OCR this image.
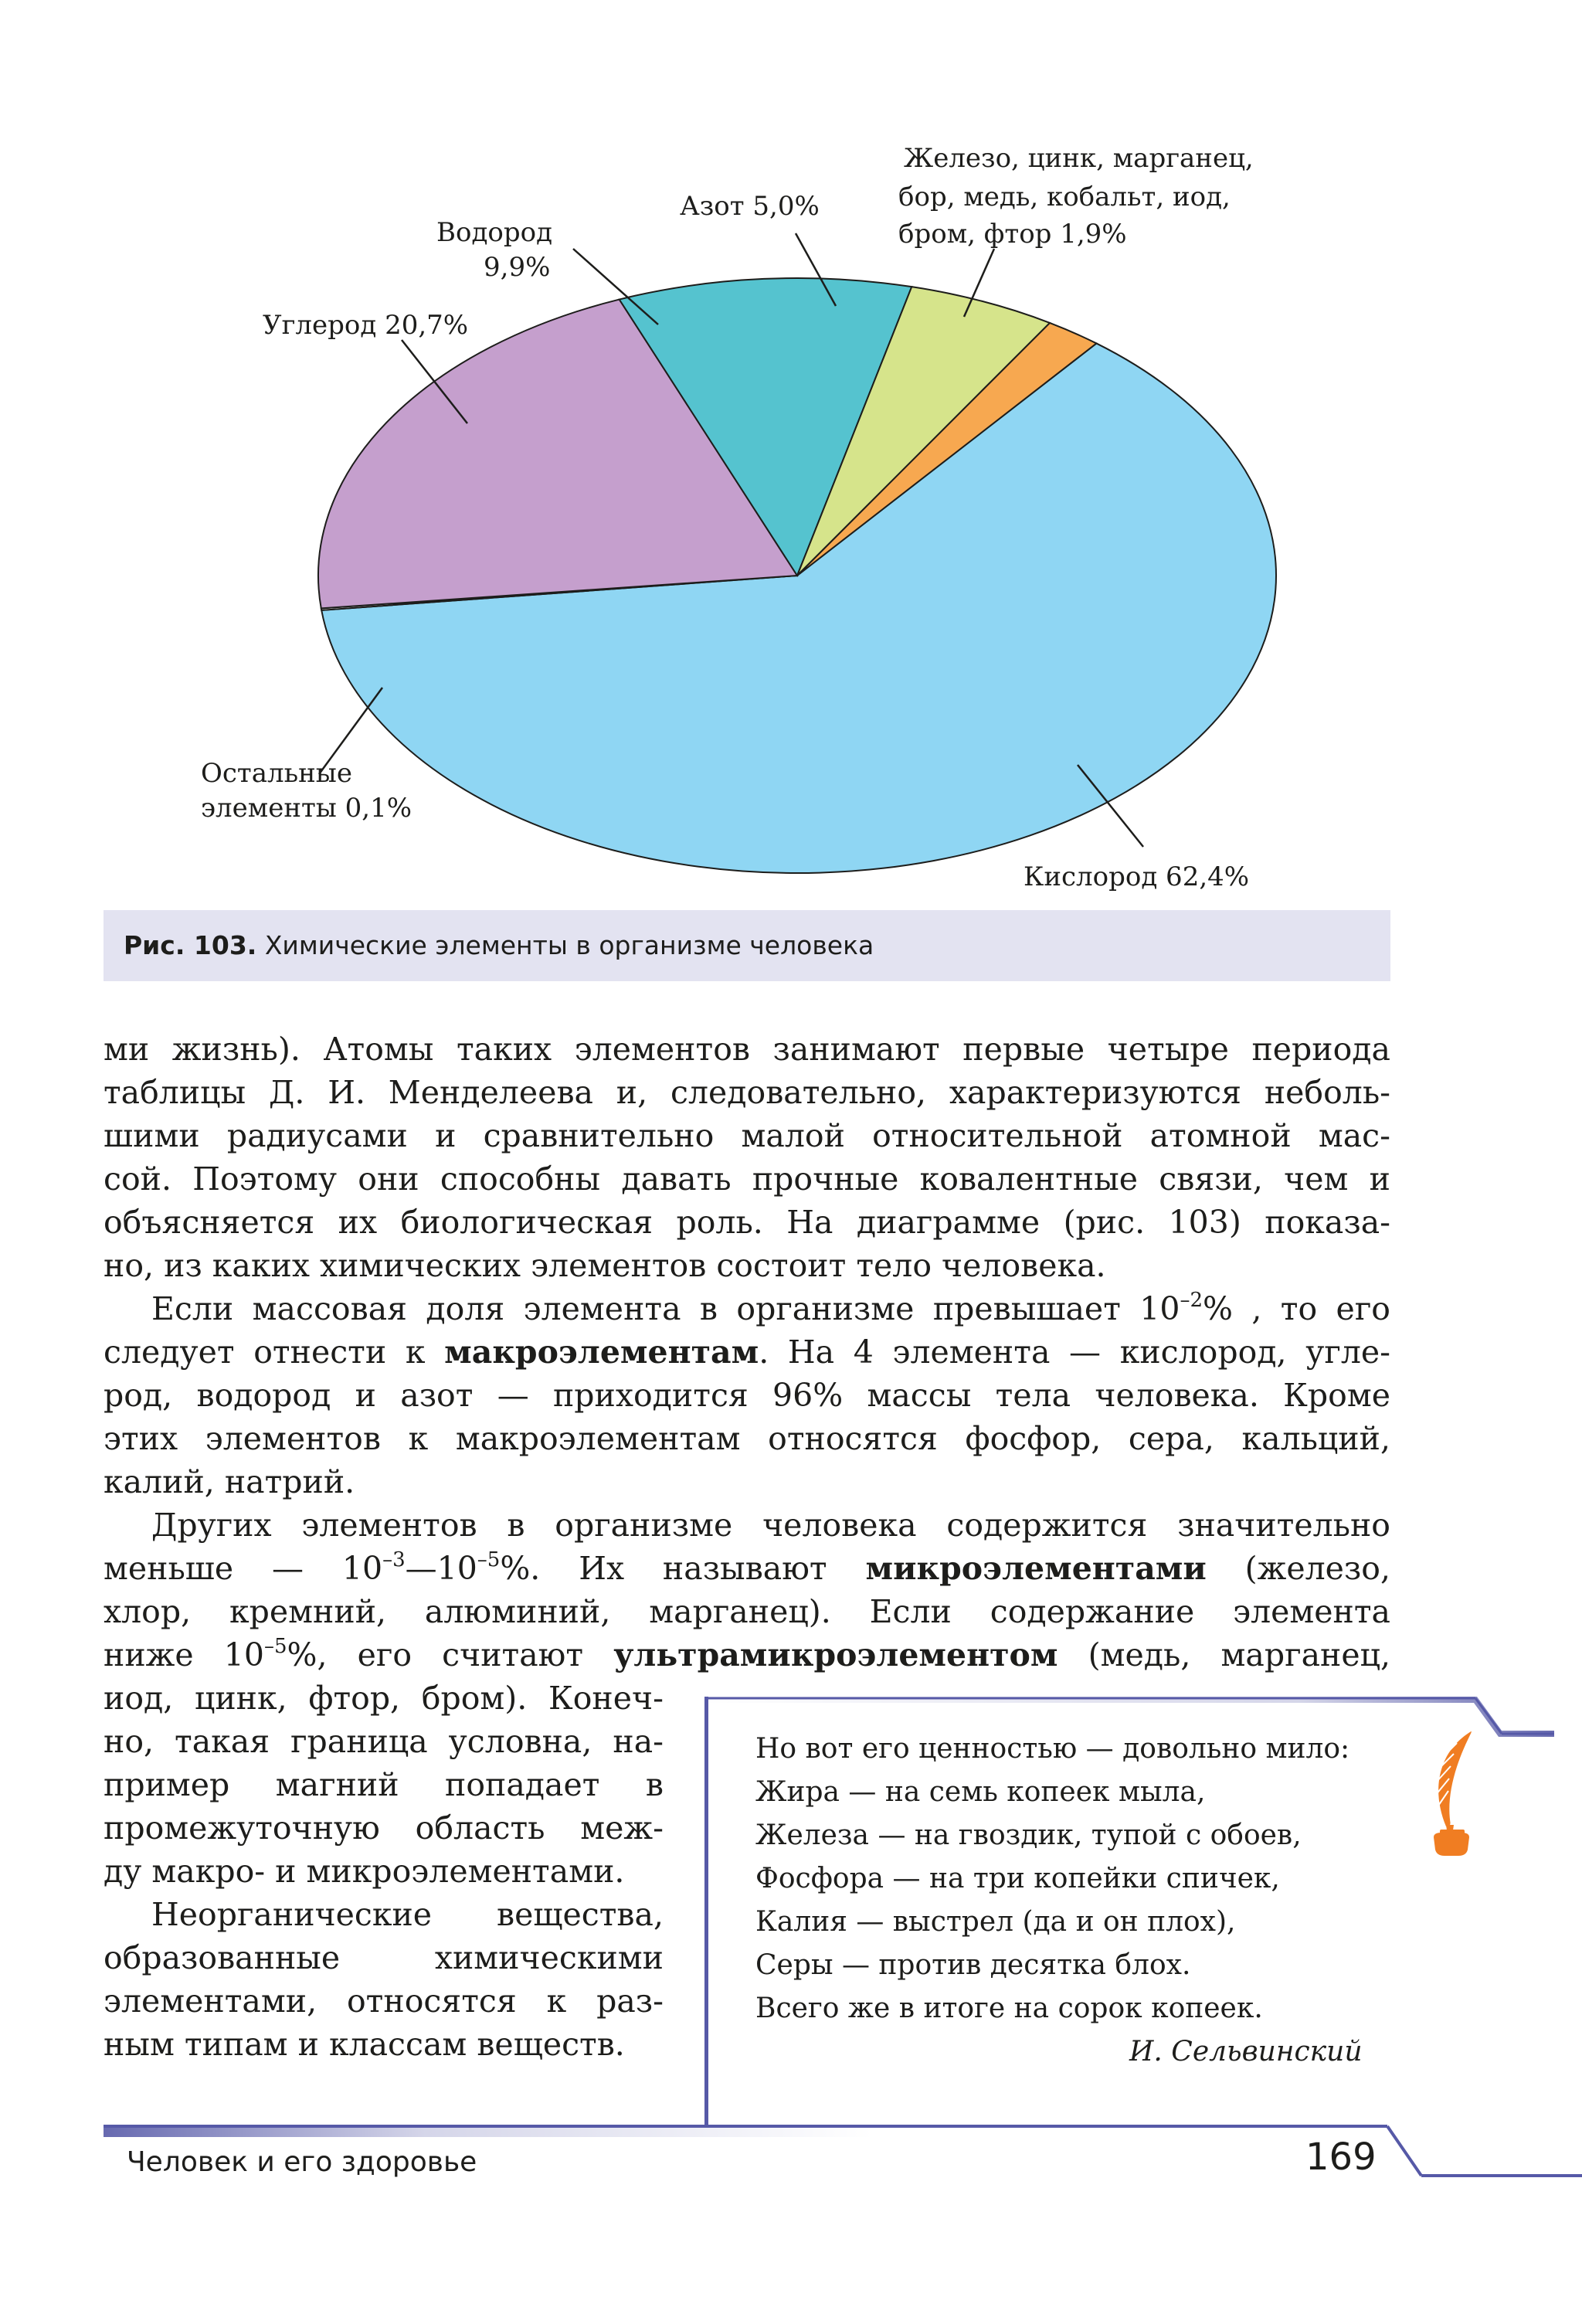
Кислород 62,4%
Углерод 20,7%
Водород
9,9%
Азот 5,0%
Железо, цинк, марганец,
бор, медь, кобальт, иод,
бром, фтор 1,9%
Остальные
элементы 0,1%
Рис. 103. Химические элементы в организме человека
ми жизнь). Атомы таких элементов занимают первые четыре периода
таблицы Д. И. Менделеева и, следовательно, характеризуются неболь-
шими радиусами и сравнительно малой относительной атомной мас-
сой. Поэтому они способны давать прочные ковалентные связи, чем и
объясняется их биологическая роль. На диаграмме (рис. 103) показа-
но, из каких химических элементов состоит тело человека.
Если массовая доля элемента в организме превышает $10^{-2}\%$ , то его
следует отнести к макроэлементам. На 4 элемента — кислород, угле-
род, водород и азот — приходится 96% массы тела человека. Кроме
этих элементов к макроэлементам относятся фосфор, сера, кальций,
калий, натрий.
Других элементов в организме человека содержится значительно
меньше — $10^{-3}—10^{-5}\%$. Их называют микроэлементами (железо,
хлор, кремний, алюминий, марганец). Если содержание элемента
ниже $10^{-5}\%$, его считают ультрамикроэлементом (медь, марганец,
иод, цинк, фтор, бром). Конеч-
но, такая граница условна, на-
пример магний попадает в
промежуточную область меж-
ду макро- и микроэлементами.
Неорганические вещества,
образованные химическими
элементами, относятся к раз-
ным типам и классам веществ.
Но вот его ценностью — довольно мило:
Жира — на семь копеек мыла,
Железа — на гвоздик, тупой с обоев,
Фосфора — на три копейки спичек,
Калия — выстрел (да и он плох),
Серы — против десятка блох.
Всего же в итоге на сорок копеек.
И. Сельвинский
Человек и его здоровье	169
